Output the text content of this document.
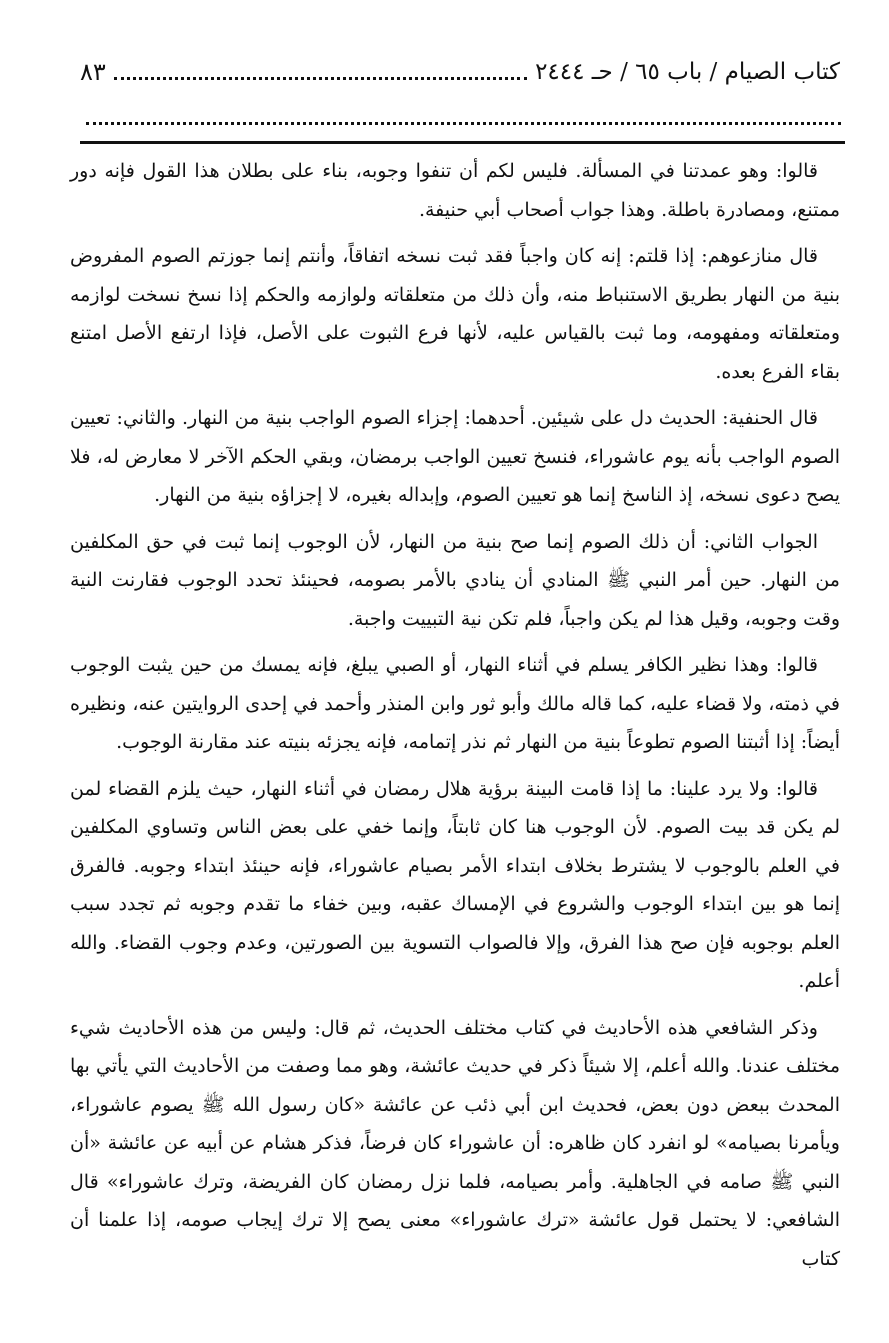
٨٣	كتاب الصيام / باب ٦٥ / حـ ٢٤٤٤

قالوا: وهو عمدتنا في المسألة. فليس لكم أن تنفوا وجوبه، بناء على بطلان هذا القول فإنه دور ممتنع، ومصادرة باطلة. وهذا جواب أصحاب أبي حنيفة.

قال منازعوهم: إذا قلتم: إنه كان واجباً فقد ثبت نسخه اتفاقاً، وأنتم إنما جوزتم الصوم المفروض بنية من النهار بطريق الاستنباط منه، وأن ذلك من متعلقاته ولوازمه والحكم إذا نسخ نسخت لوازمه ومتعلقاته ومفهومه، وما ثبت بالقياس عليه، لأنها فرع الثبوت على الأصل، فإذا ارتفع الأصل امتنع بقاء الفرع بعده.

قال الحنفية: الحديث دل على شيئين. أحدهما: إجزاء الصوم الواجب بنية من النهار. والثاني: تعيين الصوم الواجب بأنه يوم عاشوراء، فنسخ تعيين الواجب برمضان، وبقي الحكم الآخر لا معارض له، فلا يصح دعوى نسخه، إذ الناسخ إنما هو تعيين الصوم، وإبداله بغيره، لا إجزاؤه بنية من النهار.

الجواب الثاني: أن ذلك الصوم إنما صح بنية من النهار، لأن الوجوب إنما ثبت في حق المكلفين من النهار. حين أمر النبي ﷺ المنادي أن ينادي بالأمر بصومه، فحينئذ تحدد الوجوب فقارنت النية وقت وجوبه، وقيل هذا لم يكن واجباً، فلم تكن نية التبييت واجبة.

قالوا: وهذا نظير الكافر يسلم في أثناء النهار، أو الصبي يبلغ، فإنه يمسك من حين يثبت الوجوب في ذمته، ولا قضاء عليه، كما قاله مالك وأبو ثور وابن المنذر وأحمد في إحدى الروايتين عنه، ونظيره أيضاً: إذا أثبتنا الصوم تطوعاً بنية من النهار ثم نذر إتمامه، فإنه يجزئه بنيته عند مقارنة الوجوب.

قالوا: ولا يرد علينا: ما إذا قامت البينة برؤية هلال رمضان في أثناء النهار، حيث يلزم القضاء لمن لم يكن قد بيت الصوم. لأن الوجوب هنا كان ثابتاً، وإنما خفي على بعض الناس وتساوي المكلفين في العلم بالوجوب لا يشترط بخلاف ابتداء الأمر بصيام عاشوراء، فإنه حينئذ ابتداء وجوبه. فالفرق إنما هو بين ابتداء الوجوب والشروع في الإمساك عقبه، وبين خفاء ما تقدم وجوبه ثم تجدد سبب العلم بوجوبه فإن صح هذا الفرق، وإلا فالصواب التسوية بين الصورتين، وعدم وجوب القضاء. والله أعلم.

وذكر الشافعي هذه الأحاديث في كتاب مختلف الحديث، ثم قال: وليس من هذه الأحاديث شيء مختلف عندنا. والله أعلم، إلا شيئاً ذكر في حديث عائشة، وهو مما وصفت من الأحاديث التي يأتي بها المحدث ببعض دون بعض، فحديث ابن أبي ذئب عن عائشة «كان رسول الله ﷺ يصوم عاشوراء، ويأمرنا بصيامه» لو انفرد كان ظاهره: أن عاشوراء كان فرضاً، فذكر هشام عن أبيه عن عائشة «أن النبي ﷺ صامه في الجاهلية. وأمر بصيامه، فلما نزل رمضان كان الفريضة، وترك عاشوراء» قال الشافعي: لا يحتمل قول عائشة «ترك عاشوراء» معنى يصح إلا ترك إيجاب صومه، إذا علمنا أن كتاب
